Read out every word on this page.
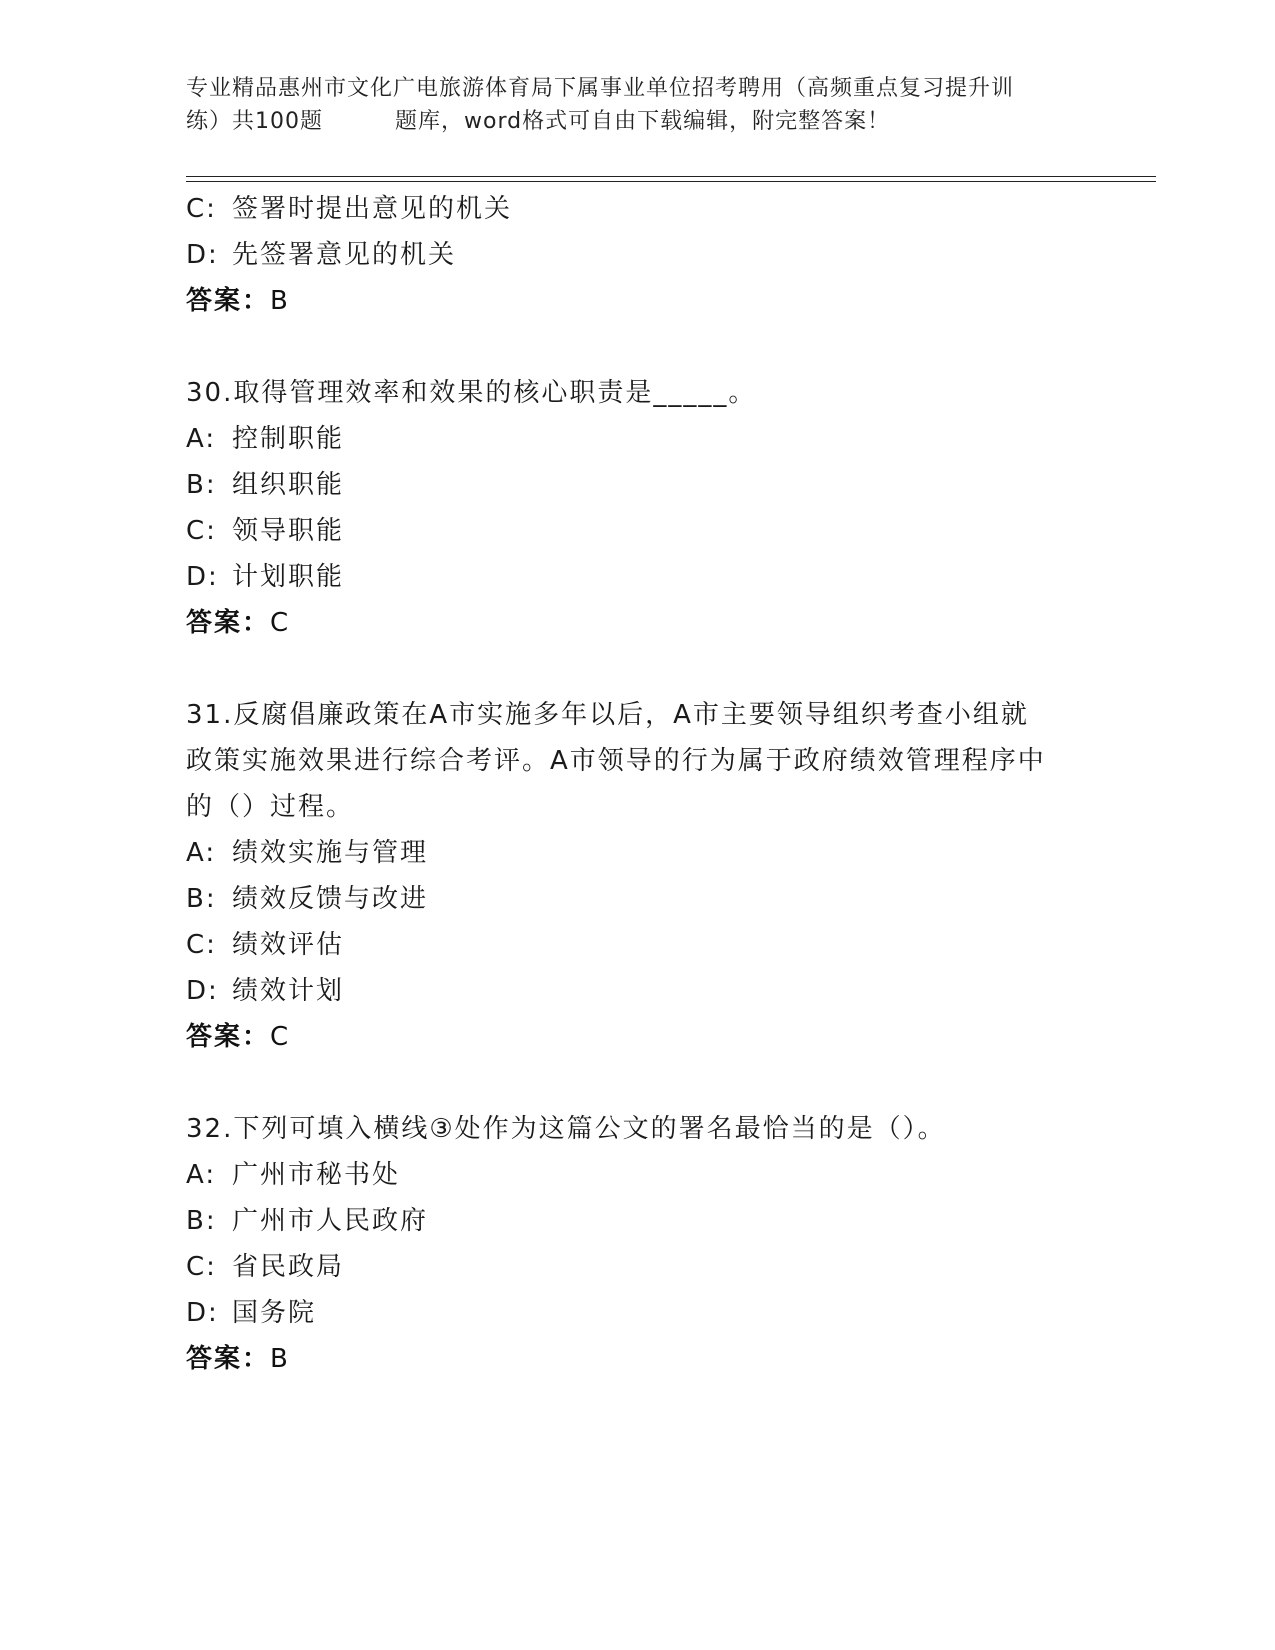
专业精品惠州市文化广电旅游体育局下属事业单位招考聘用（高频重点复习提升训
练）共100题	题库，word格式可自由下载编辑，附完整答案！
C: 签署时提出意见的机关
D: 先签署意见的机关
答案：B
30.取得管理效率和效果的核心职责是_____。
A: 控制职能
B: 组织职能
C: 领导职能
D: 计划职能
答案：C
31.反腐倡廉政策在A市实施多年以后，A市主要领导组织考查小组就
政策实施效果进行综合考评。A市领导的行为属于政府绩效管理程序中
的（）过程。
A: 绩效实施与管理
B: 绩效反馈与改进
C: 绩效评估
D: 绩效计划
答案：C
32.下列可填入横线③处作为这篇公文的署名最恰当的是（）。
A: 广州市秘书处
B: 广州市人民政府
C: 省民政局
D: 国务院
答案：B
